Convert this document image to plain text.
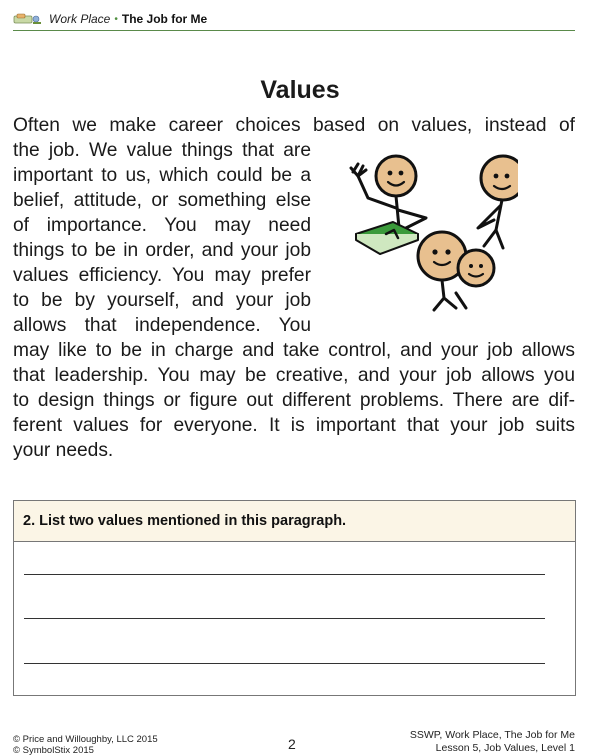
Work Place • The Job for Me
Values
Often we make career choices based on values, instead of
the job. We value things that are
important to us, which could be a
belief, attitude, or something else
of importance. You may need
things to be in order, and your job
values efficiency. You may prefer
to be by yourself, and your job
allows that independence. You
may like to be in charge and take control, and your job allows
that leadership. You may be creative, and your job allows you
to design things or figure out different problems. There are dif-
ferent values for everyone. It is important that your job suits
your needs.
2. List two values mentioned in this paragraph.
© Price and Willoughby, LLC 2015
© SymbolStix 2015	2
SSWP, Work Place, The Job for Me
Lesson 5, Job Values, Level 1
